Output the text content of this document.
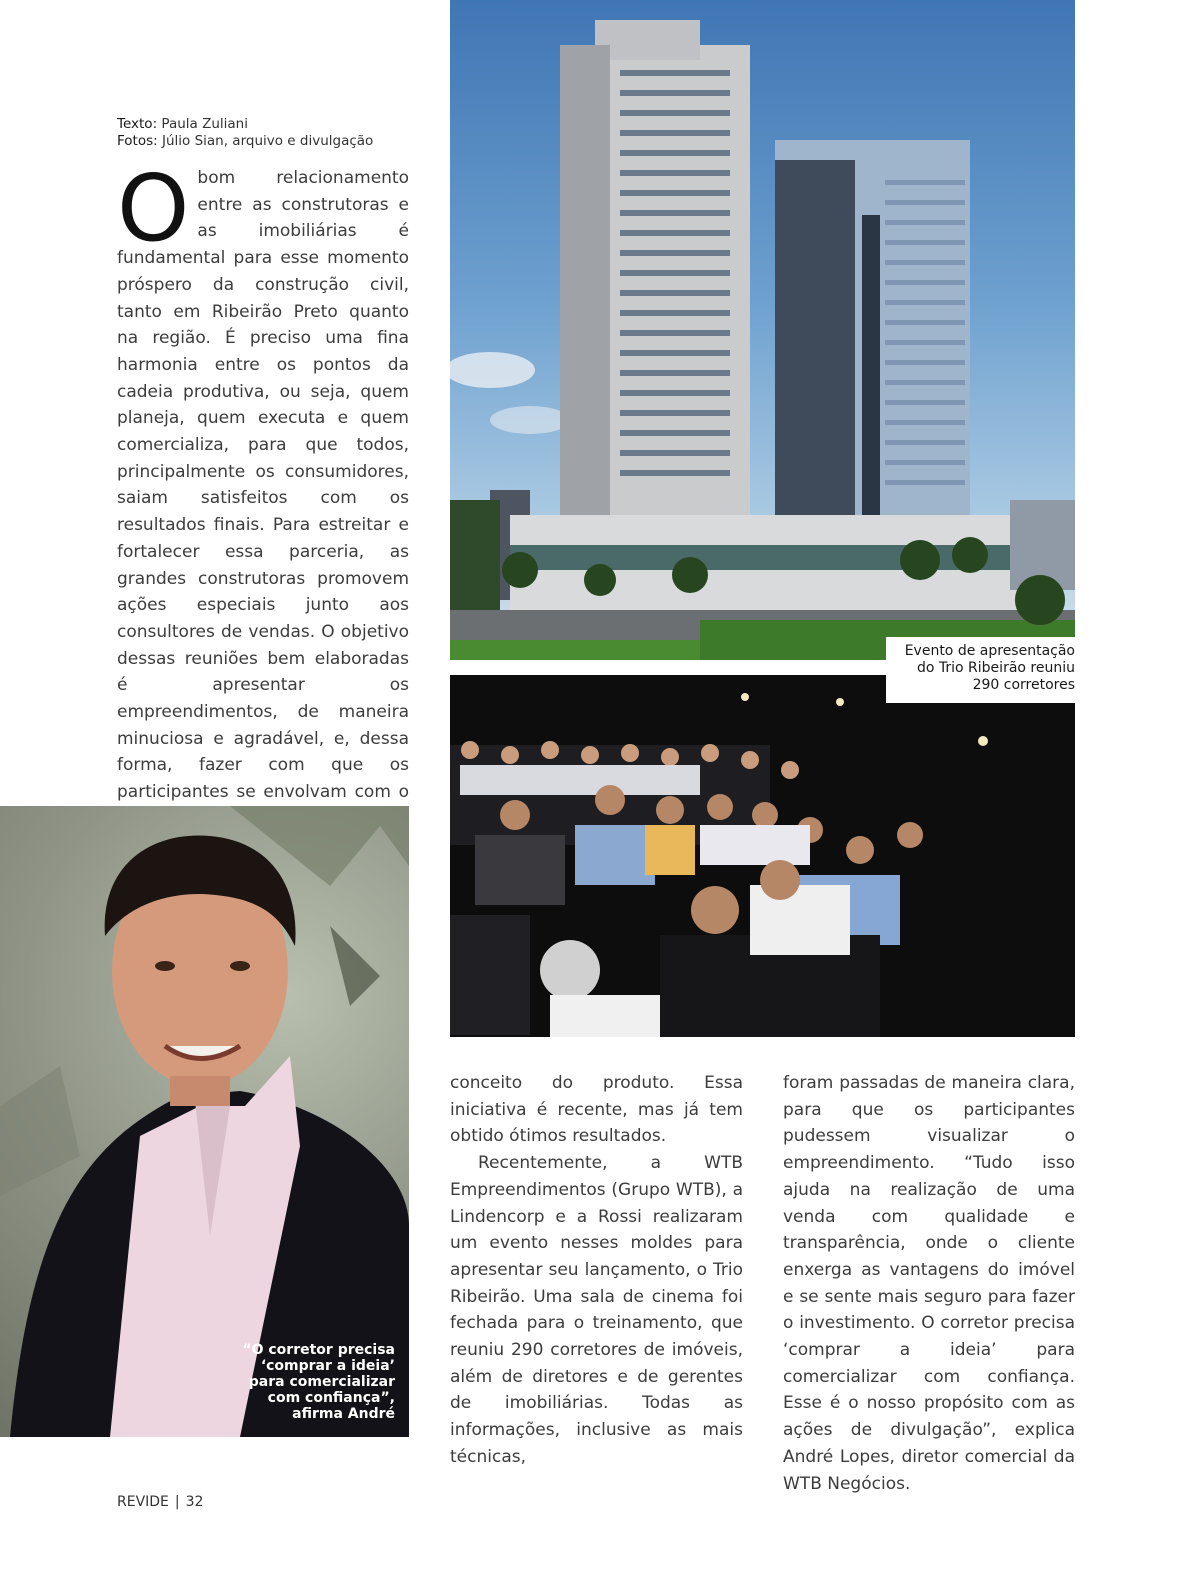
Texto: Paula Zuliani
Fotos: Júlio Sian, arquivo e divulgação
O bom relacionamento entre as construtoras e as imobiliárias é fundamental para esse momento próspero da construção civil, tanto em Ribeirão Preto quanto na região. É preciso uma fina harmonia entre os pontos da cadeia produtiva, ou seja, quem planeja, quem executa e quem comercializa, para que todos, principalmente os consumidores, saiam satisfeitos com os resultados finais. Para estreitar e fortalecer essa parceria, as grandes construtoras promovem ações especiais junto aos consultores de vendas. O objetivo dessas reuniões bem elaboradas é apresentar os empreendimentos, de maneira minuciosa e agradável, e, dessa forma, fazer com que os participantes se envolvam com o

Evento de apresentação
do Trio Ribeirão reuniu
290 corretores
“O corretor precisa
‘comprar a ideia’
para comercializar
com confiança”,
afirma André

conceito do produto. Essa iniciativa é recente, mas já tem obtido ótimos resultados.

Recentemente, a WTB Empreendimentos (Grupo WTB), a Lindencorp e a Rossi realizaram um evento nesses moldes para apresentar seu lançamento, o Trio Ribeirão. Uma sala de cinema foi fechada para o treinamento, que reuniu 290 corretores de imóveis, além de diretores e de gerentes de imobiliárias. Todas as informações, inclusive as mais técnicas,

foram passadas de maneira clara, para que os participantes pudessem visualizar o empreendimento. “Tudo isso ajuda na realização de uma venda com qualidade e transparência, onde o cliente enxerga as vantagens do imóvel e se sente mais seguro para fazer o investimento. O corretor precisa ‘comprar a ideia’ para comercializar com confiança. Esse é o nosso propósito com as ações de divulgação”, explica André Lopes, diretor comercial da WTB Negócios.

REVIDE | 32
